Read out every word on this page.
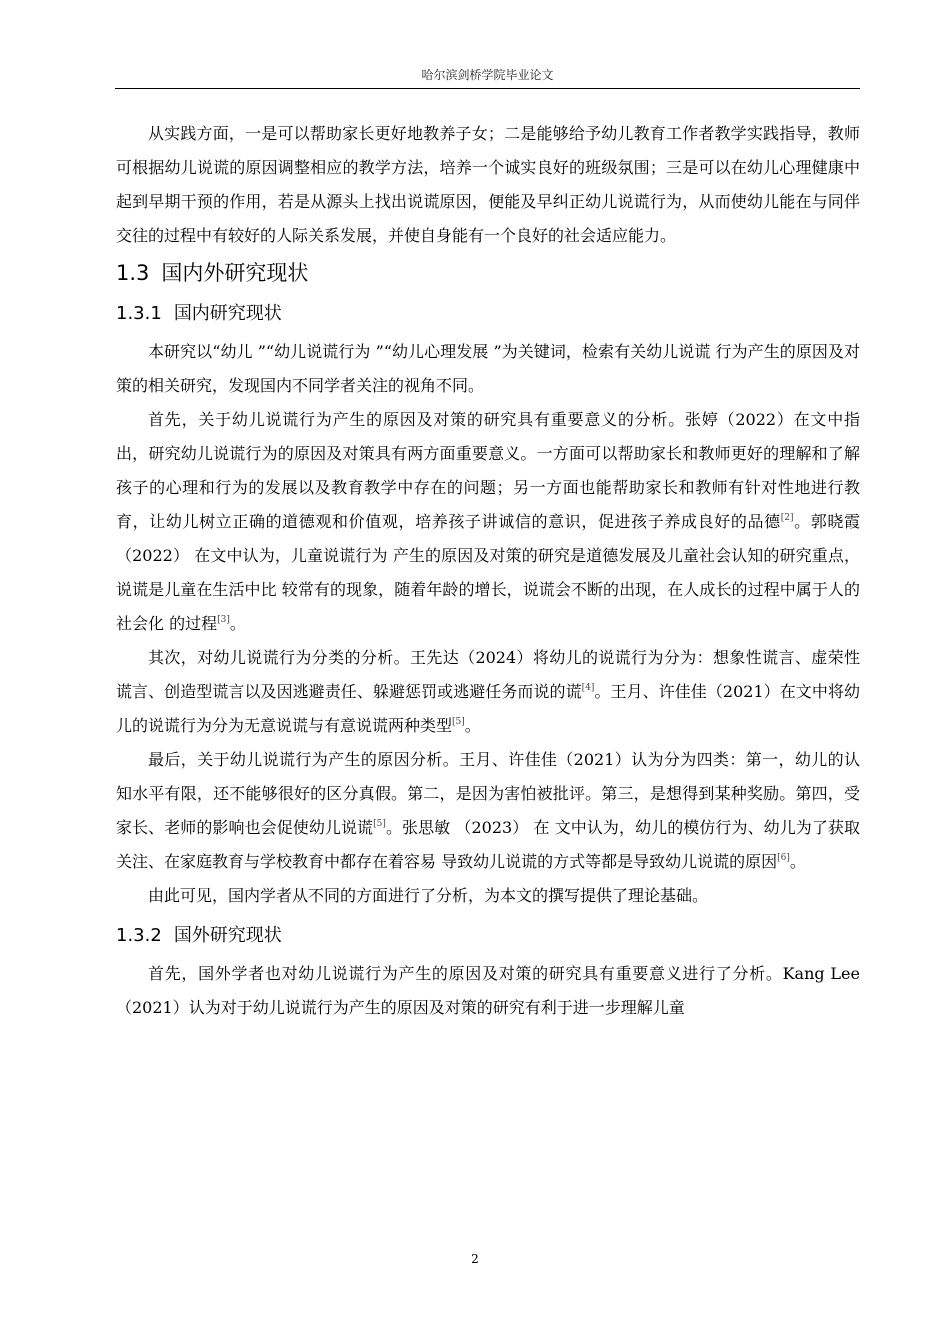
哈尔滨剑桥学院毕业论文

从实践方面，一是可以帮助家长更好地教养子女；二是能够给予幼儿教育工作者教学实践指导，教师可根据幼儿说谎的原因调整相应的教学方法，培养一个诚实良好的班级氛围；三是可以在幼儿心理健康中起到早期干预的作用，若是从源头上找出说谎原因，便能及早纠正幼儿说谎行为，从而使幼儿能在与同伴交往的过程中有较好的人际关系发展，并使自身能有一个良好的社会适应能力。

1.3 国内外研究现状
1.3.1 国内研究现状

本研究以“幼儿 ”“幼儿说谎行为 ”“幼儿心理发展 ”为关键词，检索有关幼儿说谎 行为产生的原因及对策的相关研究，发现国内不同学者关注的视角不同。

首先，关于幼儿说谎行为产生的原因及对策的研究具有重要意义的分析。张婷（2022）在文中指出，研究幼儿说谎行为的原因及对策具有两方面重要意义。一方面可以帮助家长和教师更好的理解和了解孩子的心理和行为的发展以及教育教学中存在的问题；另一方面也能帮助家长和教师有针对性地进行教育，让幼儿树立正确的道德观和价值观，培养孩子讲诚信的意识，促进孩子养成良好的品德[2]。郭晓霞 （2022） 在文中认为，儿童说谎行为 产生的原因及对策的研究是道德发展及儿童社会认知的研究重点，说谎是儿童在生活中比 较常有的现象，随着年龄的增长，说谎会不断的出现，在人成长的过程中属于人的社会化 的过程[3]。

其次，对幼儿说谎行为分类的分析。王先达（2024）将幼儿的说谎行为分为：想象性谎言、虚荣性谎言、创造型谎言以及因逃避责任、躲避惩罚或逃避任务而说的谎[4]。王月、许佳佳（2021）在文中将幼儿的说谎行为分为无意说谎与有意说谎两种类型[5]。

最后，关于幼儿说谎行为产生的原因分析。王月、许佳佳（2021）认为分为四类：第一，幼儿的认知水平有限，还不能够很好的区分真假。第二，是因为害怕被批评。第三，是想得到某种奖励。第四，受家长、老师的影响也会促使幼儿说谎[5]。张思敏 （2023） 在 文中认为，幼儿的模仿行为、幼儿为了获取关注、在家庭教育与学校教育中都存在着容易 导致幼儿说谎的方式等都是导致幼儿说谎的原因[6]。

由此可见，国内学者从不同的方面进行了分析，为本文的撰写提供了理论基础。

1.3.2 国外研究现状

首先，国外学者也对幼儿说谎行为产生的原因及对策的研究具有重要意义进行了分析。Kang Lee（2021）认为对于幼儿说谎行为产生的原因及对策的研究有利于进一步理解儿童

2
